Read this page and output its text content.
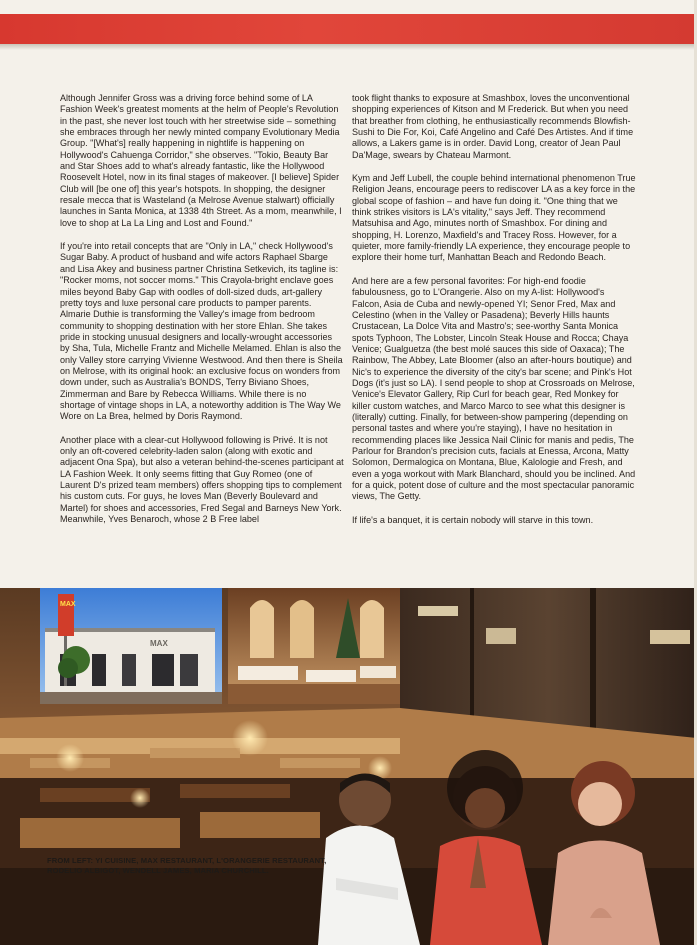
Although Jennifer Gross was a driving force behind some of LA Fashion Week's greatest moments at the helm of People's Revolution in the past, she never lost touch with her streetwise side – something she embraces through her newly minted company Evolutionary Media Group. "[What's] really happening in nightlife is happening on Hollywood's Cahuenga Corridor," she observes. "Tokio, Beauty Bar and Star Shoes add to what's already fantastic, like the Hollywood Roosevelt Hotel, now in its final stages of makeover. [I believe] Spider Club will [be one of] this year's hotspots. In shopping, the designer resale mecca that is Wasteland (a Melrose Avenue stalwart) officially launches in Santa Monica, at 1338 4th Street. As a mom, meanwhile, I love to shop at La La Ling and Lost and Found."

If you're into retail concepts that are "Only in LA," check Hollywood's Sugar Baby. A product of husband and wife actors Raphael Sbarge and Lisa Akey and business partner Christina Setkevich, its tagline is: "Rocker moms, not soccer moms." This Crayola-bright enclave goes miles beyond Baby Gap with oodles of doll-sized duds, art-gallery pretty toys and luxe personal care products to pamper parents. Almarie Duthie is transforming the Valley's image from bedroom community to shopping destination with her store Ehlan. She takes pride in stocking unusual designers and locally-wrought accessories by Sha, Tula, Michelle Frantz and Michelle Melamed. Ehlan is also the only Valley store carrying Vivienne Westwood. And then there is Sheila on Melrose, with its original hook: an exclusive focus on wonders from down under, such as Australia's BONDS, Terry Biviano Shoes, Zimmerman and Bare by Rebecca Williams. While there is no shortage of vintage shops in LA, a noteworthy addition is The Way We Wore on La Brea, helmed by Doris Raymond.

Another place with a clear-cut Hollywood following is Privé. It is not only an oft-covered celebrity-laden salon (along with exotic and adjacent Ona Spa), but also a veteran behind-the-scenes participant at LA Fashion Week. It only seems fitting that Guy Romeo (one of Laurent D's prized team members) offers shopping tips to complement his custom cuts. For guys, he loves Man (Beverly Boulevard and Martel) for shoes and accessories, Fred Segal and Barneys New York. Meanwhile, Yves Benaroch, whose 2 B Free label

took flight thanks to exposure at Smashbox, loves the unconventional shopping experiences of Kitson and M Frederick. But when you need that breather from clothing, he enthusiastically recommends Blowfish-Sushi to Die For, Koi, Café Angelino and Café Des Artistes. And if time allows, a Lakers game is in order. David Long, creator of Jean Paul Da'Mage, swears by Chateau Marmont.

Kym and Jeff Lubell, the couple behind international phenomenon True Religion Jeans, encourage peers to rediscover LA as a key force in the global scope of fashion – and have fun doing it. "One thing that we think strikes visitors is LA's vitality," says Jeff. They recommend Matsuhisa and Ago, minutes north of Smashbox. For dining and shopping, H. Lorenzo, Maxfield's and Tracey Ross. However, for a quieter, more family-friendly LA experience, they encourage people to explore their home turf, Manhattan Beach and Redondo Beach.

And here are a few personal favorites: For high-end foodie fabulousness, go to L'Orangerie. Also on my A-list: Hollywood's Falcon, Asia de Cuba and newly-opened YI; Senor Fred, Max and Celestino (when in the Valley or Pasadena); Beverly Hills haunts Crustacean, La Dolce Vita and Mastro's; see-worthy Santa Monica spots Typhoon, The Lobster, Lincoln Steak House and Rocca; Chaya Venice; Gualguetza (the best molé sauces this side of Oaxaca); The Rainbow, The Abbey, Late Bloomer (also an after-hours boutique) and Nic's to experience the diversity of the city's bar scene; and Pink's Hot Dogs (it's just so LA). I send people to shop at Crossroads on Melrose, Venice's Elevator Gallery, Rip Curl for beach gear, Red Monkey for killer custom watches, and Marco Marco to see what this designer is (literally) cutting. Finally, for between-show pampering (depending on personal tastes and where you're staying), I have no hesitation in recommending places like Jessica Nail Clinic for manis and pedis, The Parlour for Brandon's precision cuts, facials at Enessa, Arcona, Matty Solomon, Dermalogica on Montana, Blue, Kalologie and Fresh, and even a yoga workout with Mark Blanchard, should you be inclined. And for a quick, potent dose of culture and the most spectacular panoramic views, The Getty.

If life's a banquet, it is certain nobody will starve in this town.

MAX
MAX
FROM LEFT: YI CUISINE, MAX RESTAURANT, L'ORANGERIE RESTAURANT, RODELIO ALBIGOT, WENDELL JAMES, MARIA CHURCHILL.
